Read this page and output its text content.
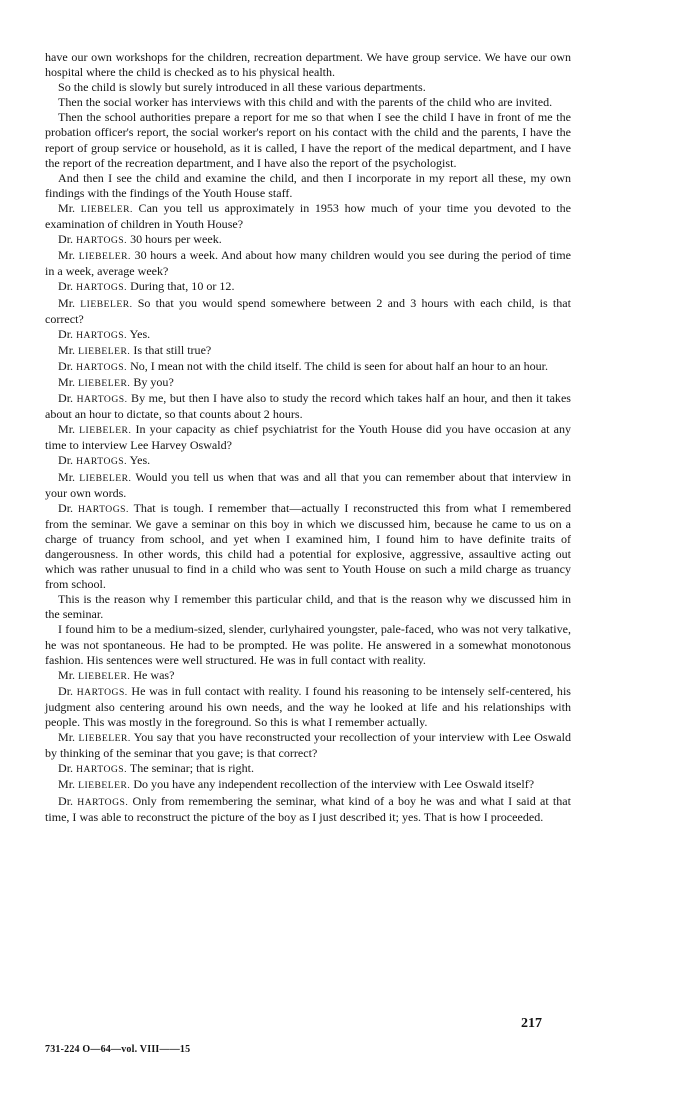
have our own workshops for the children, recreation department. We have group service. We have our own hospital where the child is checked as to his physical health.

So the child is slowly but surely introduced in all these various departments.

Then the social worker has interviews with this child and with the parents of the child who are invited.

Then the school authorities prepare a report for me so that when I see the child I have in front of me the probation officer's report, the social worker's report on his contact with the child and the parents, I have the report of group service or household, as it is called, I have the report of the medical department, and I have the report of the recreation department, and I have also the report of the psychologist.

And then I see the child and examine the child, and then I incorporate in my report all these, my own findings with the findings of the Youth House staff.

Mr. LIEBELER. Can you tell us approximately in 1953 how much of your time you devoted to the examination of children in Youth House?

Dr. HARTOGS. 30 hours per week.

Mr. LIEBELER. 30 hours a week. And about how many children would you see during the period of time in a week, average week?

Dr. HARTOGS. During that, 10 or 12.

Mr. LIEBELER. So that you would spend somewhere between 2 and 3 hours with each child, is that correct?

Dr. HARTOGS. Yes.

Mr. LIEBELER. Is that still true?

Dr. HARTOGS. No, I mean not with the child itself. The child is seen for about half an hour to an hour.

Mr. LIEBELER. By you?

Dr. HARTOGS. By me, but then I have also to study the record which takes half an hour, and then it takes about an hour to dictate, so that counts about 2 hours.

Mr. LIEBELER. In your capacity as chief psychiatrist for the Youth House did you have occasion at any time to interview Lee Harvey Oswald?

Dr. HARTOGS. Yes.

Mr. LIEBELER. Would you tell us when that was and all that you can remember about that interview in your own words.

Dr. HARTOGS. That is tough. I remember that—actually I reconstructed this from what I remembered from the seminar. We gave a seminar on this boy in which we discussed him, because he came to us on a charge of truancy from school, and yet when I examined him, I found him to have definite traits of dangerousness. In other words, this child had a potential for explosive, aggressive, assaultive acting out which was rather unusual to find in a child who was sent to Youth House on such a mild charge as truancy from school.

This is the reason why I remember this particular child, and that is the reason why we discussed him in the seminar.

I found him to be a medium-sized, slender, curlyhaired youngster, pale-faced, who was not very talkative, he was not spontaneous. He had to be prompted. He was polite. He answered in a somewhat monotonous fashion. His sentences were well structured. He was in full contact with reality.

Mr. LIEBELER. He was?

Dr. HARTOGS. He was in full contact with reality. I found his reasoning to be intensely self-centered, his judgment also centering around his own needs, and the way he looked at life and his relationships with people. This was mostly in the foreground. So this is what I remember actually.

Mr. LIEBELER. You say that you have reconstructed your recollection of your interview with Lee Oswald by thinking of the seminar that you gave; is that correct?

Dr. HARTOGS. The seminar; that is right.

Mr. LIEBELER. Do you have any independent recollection of the interview with Lee Oswald itself?

Dr. HARTOGS. Only from remembering the seminar, what kind of a boy he was and what I said at that time, I was able to reconstruct the picture of the boy as I just described it; yes. That is how I proceeded.

217
731-224 O—64—vol. VIII——15
